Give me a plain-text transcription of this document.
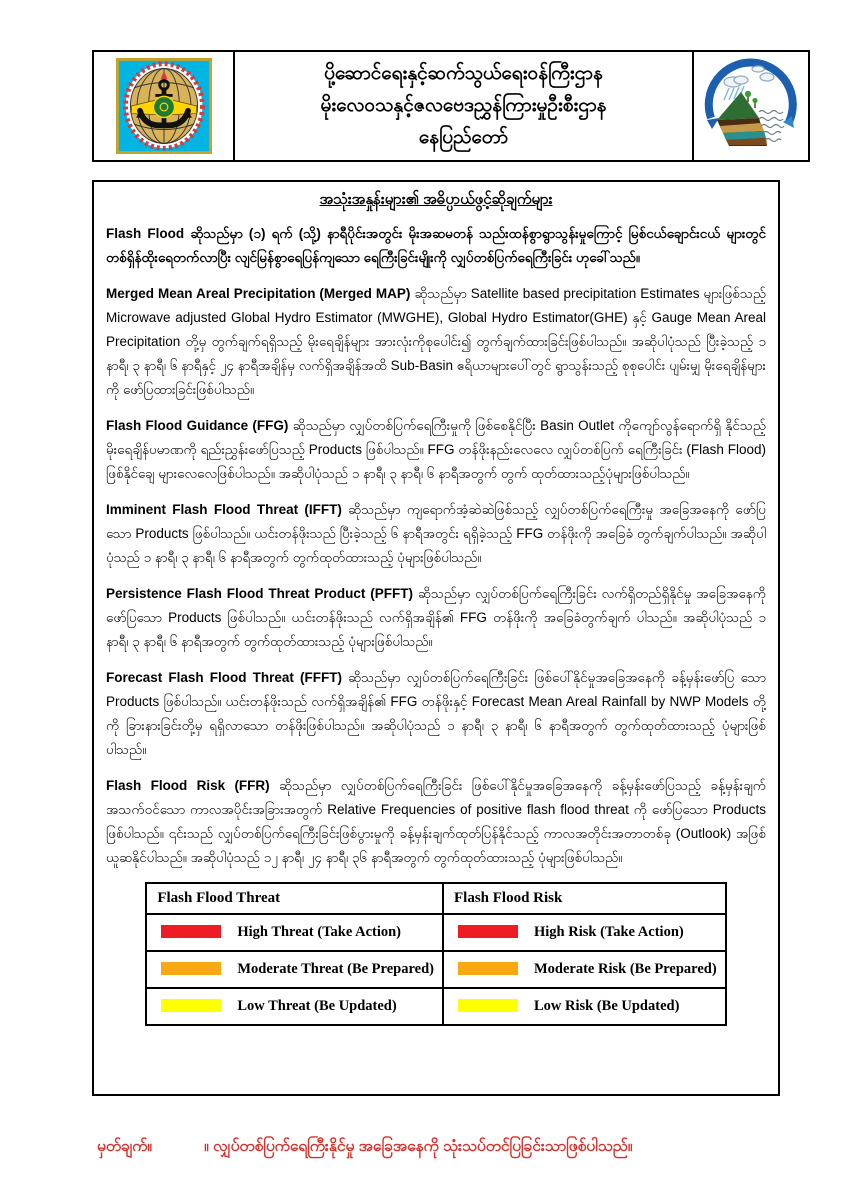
ပို့ဆောင်ရေးနှင့်ဆက်သွယ်ရေးဝန်ကြီးဌာန
မိုးလေဝသနှင့်ဇလဗေဒညွှန်ကြားမှုဦးစီးဌာန
နေပြည်တော်
အသုံးအနှုန်းများ၏ အဓိပ္ပာယ်ဖွင့်ဆိုချက်များ

Flash Flood ဆိုသည်မှာ (၁) ရက် (သို့) နာရီပိုင်းအတွင်း မိုးအဆမတန် သည်းထန်စွာရွာသွန်းမှုကြောင့် မြစ်ငယ်ချောင်းငယ် များတွင် တစ်ရှိန်ထိုးရေတက်လာပြီး လျင်မြန်စွာရေပြန်ကျသော ရေကြီးခြင်းမျိုးကို လျှပ်တစ်ပြက်ရေကြီးခြင်း ဟုခေါ်သည်။

Merged Mean Areal Precipitation (Merged MAP) ဆိုသည်မှာ Satellite based precipitation Estimates များဖြစ်သည့် Microwave adjusted Global Hydro Estimator (MWGHE), Global Hydro Estimator(GHE) နှင့် Gauge Mean Areal Precipitation တို့မှ တွက်ချက်ရရှိသည့် မိုးရေချိန်များ အားလုံးကိုစုပေါင်း၍ တွက်ချက်ထားခြင်းဖြစ်ပါသည်။ အဆိုပါပုံသည် ပြီးခဲ့သည့် ၁ နာရီ၊ ၃ နာရီ၊ ၆ နာရီနှင့် ၂၄ နာရီအချိန်မှ လက်ရှိအချိန်အထိ Sub-Basin ဧရိယာများပေါ်တွင် ရွာသွန်းသည့် စုစုပေါင်း ပျမ်းမျှ မိုးရေချိန်များကို ဖော်ပြထားခြင်းဖြစ်ပါသည်။

Flash Flood Guidance (FFG) ဆိုသည်မှာ လျှပ်တစ်ပြက်ရေကြီးမှုကို ဖြစ်စေနိုင်ပြီး Basin Outlet ကိုကျော်လွန်ရောက်ရှိ နိုင်သည့် မိုးရေချိန်ပမာဏကို ရည်းညွှန်းဖော်ပြသည့် Products ဖြစ်ပါသည်။ FFG တန်ဖိုးနည်းလေလေ လျှပ်တစ်ပြက် ရေကြီးခြင်း (Flash Flood) ဖြစ်နိုင်ချေ များလေလေဖြစ်ပါသည်။ အဆိုပါပုံသည် ၁ နာရီ၊ ၃ နာရီ၊ ၆ နာရီအတွက် တွက် ထုတ်ထားသည့်ပုံများဖြစ်ပါသည်။

Imminent Flash Flood Threat (IFFT) ဆိုသည်မှာ ကျရောက်အံ့ဆဲဆဲဖြစ်သည့် လျှပ်တစ်ပြက်ရေကြီးမှု အခြေအနေကို ဖော်ပြသော Products ဖြစ်ပါသည်။ ယင်းတန်ဖိုးသည် ပြီးခဲ့သည့် ၆ နာရီအတွင်း ရရှိခဲ့သည့် FFG တန်ဖိုးကို အခြေခံ တွက်ချက်ပါသည်။ အဆိုပါပုံသည် ၁ နာရီ၊ ၃ နာရီ၊ ၆ နာရီအတွက် တွက်ထုတ်ထားသည့် ပုံများဖြစ်ပါသည်။

Persistence Flash Flood Threat Product (PFFT) ဆိုသည်မှာ လျှပ်တစ်ပြက်ရေကြီးခြင်း လက်ရှိတည်ရှိနိုင်မှု အခြေအနေကို ဖော်ပြသော Products ဖြစ်ပါသည်။ ယင်းတန်ဖိုးသည် လက်ရှိအချိန်၏ FFG တန်ဖိုးကို အခြေခံတွက်ချက် ပါသည်။ အဆိုပါပုံသည် ၁ နာရီ၊ ၃ နာရီ၊ ၆ နာရီအတွက် တွက်ထုတ်ထားသည့် ပုံများဖြစ်ပါသည်။

Forecast Flash Flood Threat (FFFT) ဆိုသည်မှာ လျှပ်တစ်ပြက်ရေကြီးခြင်း ဖြစ်ပေါ်နိုင်မှုအခြေအနေကို ခန့်မှန်းဖော်ပြ သော Products ဖြစ်ပါသည်။ ယင်းတန်ဖိုးသည် လက်ရှိအချိန်၏ FFG တန်ဖိုးနှင့် Forecast Mean Areal Rainfall by NWP Models တို့ကို ခြားနားခြင်းတို့မှ ရရှိလာသော တန်ဖိုးဖြစ်ပါသည်။ အဆိုပါပုံသည် ၁ နာရီ၊ ၃ နာရီ၊ ၆ နာရီအတွက် တွက်ထုတ်ထားသည့် ပုံများဖြစ်ပါသည်။

Flash Flood Risk (FFR) ဆိုသည်မှာ လျှပ်တစ်ပြက်ရေကြီးခြင်း ဖြစ်ပေါ်နိုင်မှုအခြေအနေကို ခန့်မှန်းဖော်ပြသည့် ခန့်မှန်းချက် အသက်ဝင်သော ကာလအပိုင်းအခြားအတွက် Relative Frequencies of positive flash flood threat ကို ဖော်ပြသော Products ဖြစ်ပါသည်။ ၎င်းသည် လျှပ်တစ်ပြက်ရေကြီးခြင်းဖြစ်ပွားမှုကို ခန့်မှန်းချက်ထုတ်ပြန်နိုင်သည့် ကာလအတိုင်းအတာတစ်ခု (Outlook) အဖြစ် ယူဆနိုင်ပါသည်။ အဆိုပါပုံသည် ၁၂ နာရီ၊ ၂၄ နာရီ၊ ၃၆ နာရီအတွက် တွက်ထုတ်ထားသည့် ပုံများဖြစ်ပါသည်။

Flash Flood Threat	Flash Flood Risk
High Threat (Take Action)	High Risk (Take Action)
Moderate Threat (Be Prepared)	Moderate Risk (Be Prepared)
Low Threat (Be Updated)	Low Risk (Be Updated)
မှတ်ချက်။	။ လျှပ်တစ်ပြက်ရေကြီးနိုင်မှု အခြေအနေကို သုံးသပ်တင်ပြခြင်းသာဖြစ်ပါသည်။
